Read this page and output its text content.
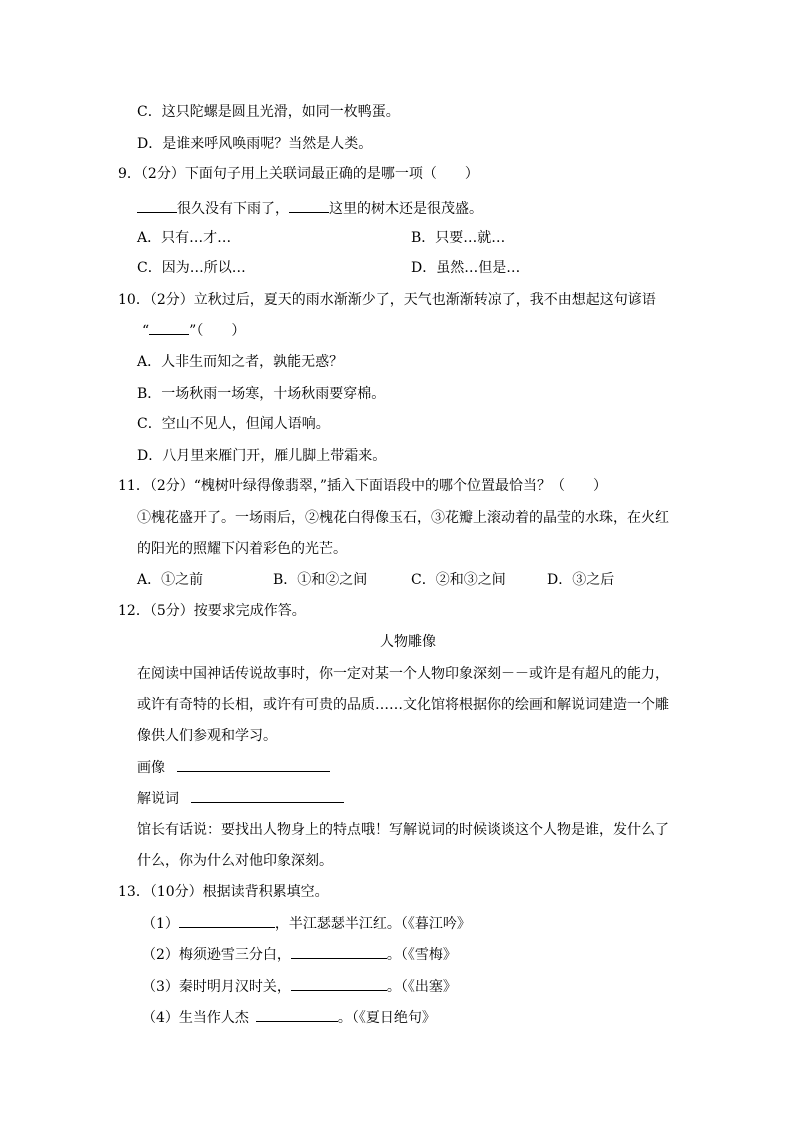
C．这只陀螺是圆且光滑，如同一枚鸭蛋。
D．是谁来呼风唤雨呢？当然是人类。
9．（2分）下面句子用上关联词最正确的是哪一项（　　）
很久没有下雨了，	这里的树木还是很茂盛。
A．只有…才…	B．只要…就…
C．因为…所以…	D．虽然…但是…
10．（2分）立秋过后，夏天的雨水渐渐少了，天气也渐渐转凉了，我不由想起这句谚语
“	”（　　）
A．人非生而知之者，孰能无惑？
B．一场秋雨一场寒，十场秋雨要穿棉。
C．空山不见人，但闻人语响。
D．八月里来雁门开，雁儿脚上带霜来。
11．（2分）“槐树叶绿得像翡翠，”插入下面语段中的哪个位置最恰当？（　　）
①槐花盛开了。一场雨后，②槐花白得像玉石，③花瓣上滚动着的晶莹的水珠，在火红
的阳光的照耀下闪着彩色的光芒。
A．①之前	B．①和②之间	C．②和③之间	D．③之后
12．（5分）按要求完成作答。
人物雕像
在阅读中国神话传说故事时，你一定对某一个人物印象深刻－－或许是有超凡的能力，
或许有奇特的长相，或许有可贵的品质……文化馆将根据你的绘画和解说词建造一个雕
像供人们参观和学习。
画像
解说词
馆长有话说：要找出人物身上的特点哦！写解说词的时候谈谈这个人物是谁，发什么了
什么，你为什么对他印象深刻。
13．（10分）根据读背积累填空。
（1）	，半江瑟瑟半江红。（《暮江吟》
（2）梅须逊雪三分白，	。（《雪梅》
（3）秦时明月汉时关，	。（《出塞》
（4）生当作人杰	。（《夏日绝句》
